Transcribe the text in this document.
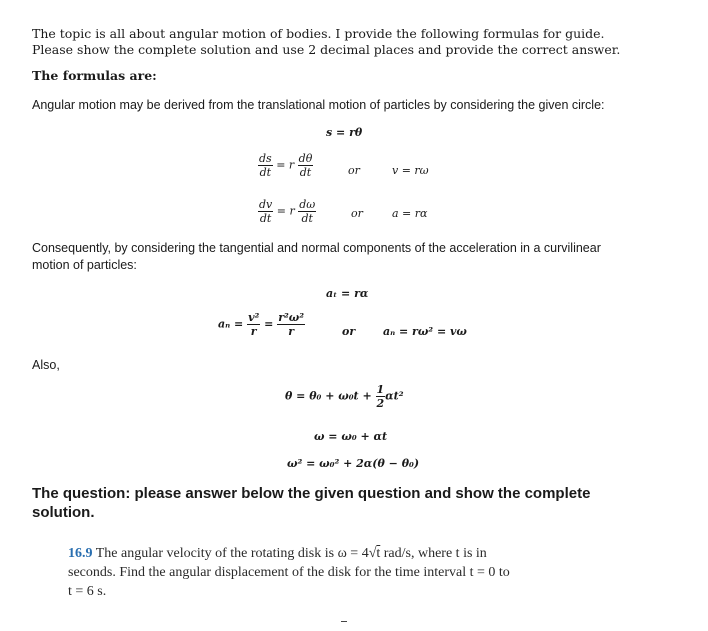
The topic is all about angular motion of bodies. I provide the following formulas for guide.
Please show the complete solution and use 2 decimal places and provide the correct answer.
The formulas are:
Angular motion may be derived from the translational motion of particles by considering the given circle:
s = rθ
$\frac{ds}{dt} = r \frac{d\theta}{dt}$	or	v = rω
$\frac{dv}{dt} = r \frac{d\omega}{dt}$	or	a = rα
Consequently, by considering the tangential and normal components of the acceleration in a curvilinear
motion of particles:
aₜ = rα
$a_n = \frac{\text{v²}}{r} = \frac{\text{r²ω²}}{r}$	or	aₙ = rω² = vω
Also,
$\theta = \theta_0 + \omega_0t + \frac{1}{2} \alpha t^2$
ω = ω₀ + αt
ω² = ω₀² + 2α(θ − θ₀)
The question: please answer below the given question and show the complete
solution.
16.9 The angular velocity of the rotating disk is ω = 4√t rad/s, where t is in
seconds. Find the angular displacement of the disk for the time interval t = 0 to
t = 6 s.
